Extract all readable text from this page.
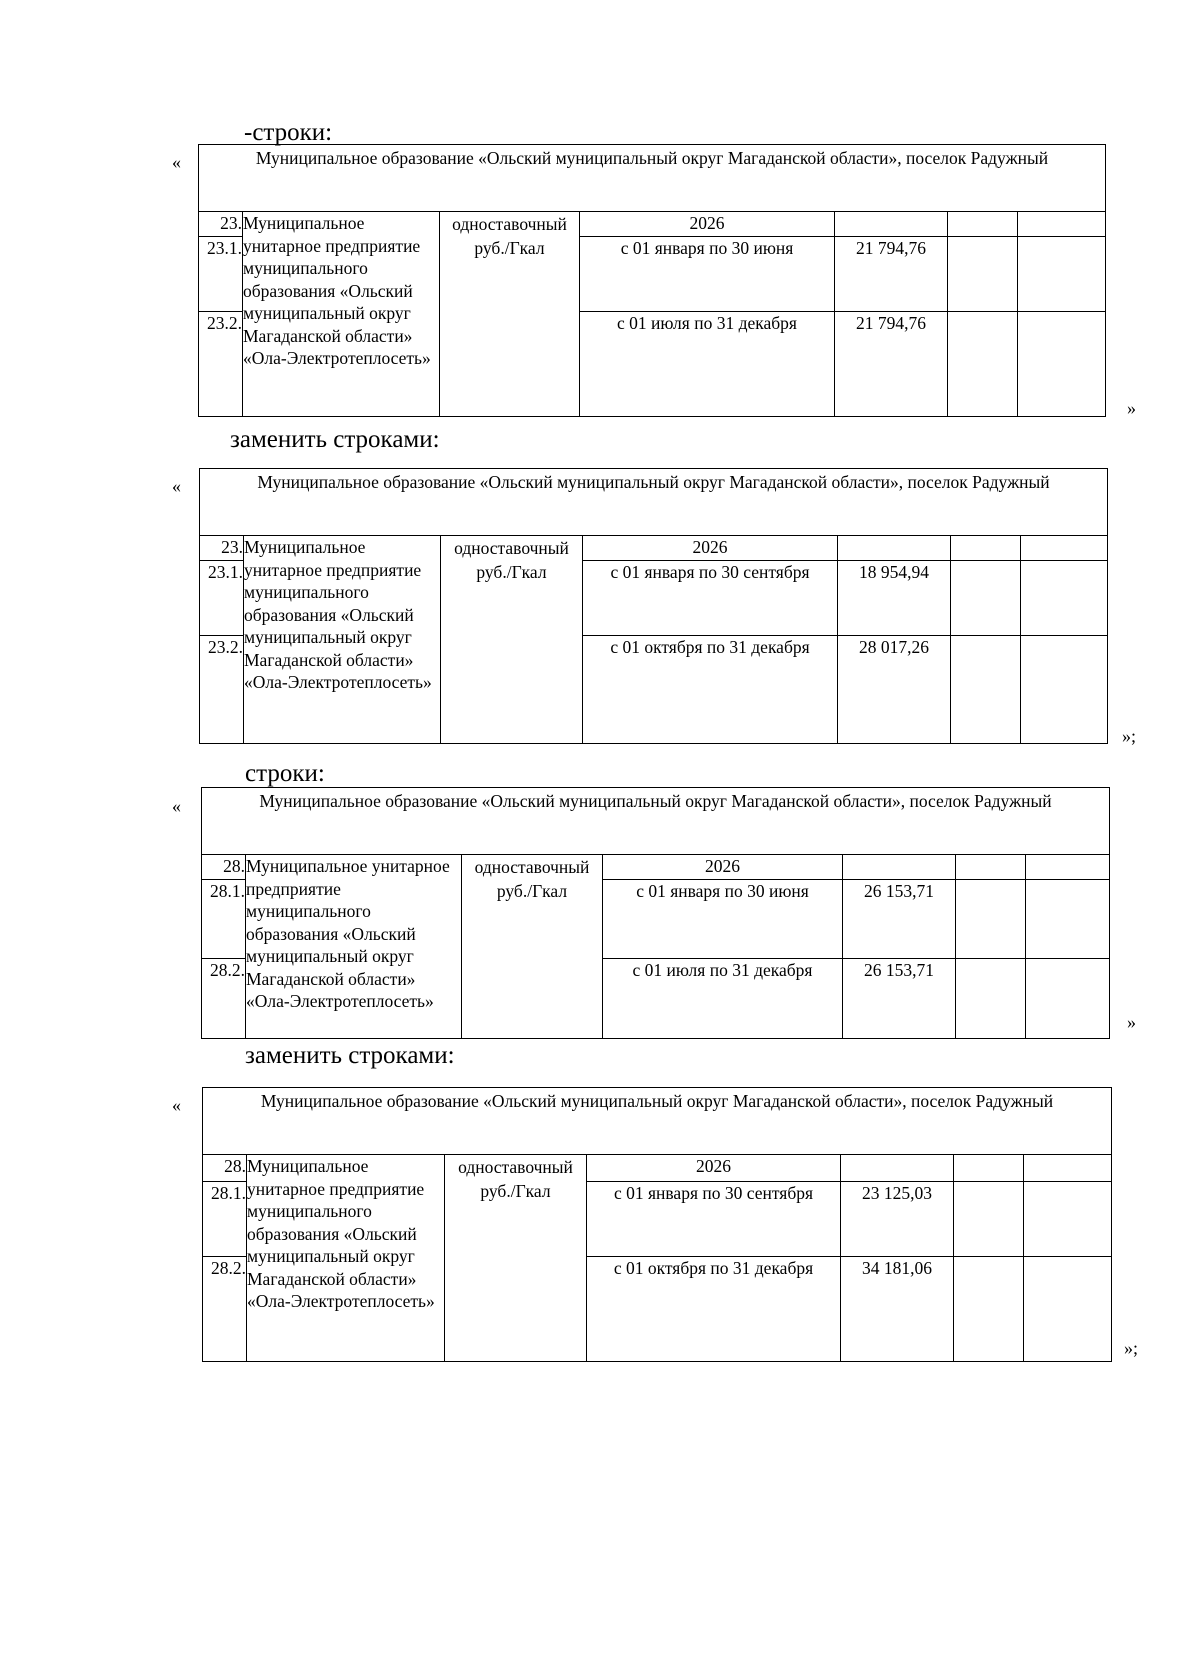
-строки:
«	Муниципальное образование «Ольский муниципальный округ Магаданской области», поселок Радужный						
23.	Муниципальное унитарное предприятие муниципального образования «Ольский муниципальный округ Магаданской области» «Ола-Электротеплосеть»	одноставочный руб./Гкал	2026			
23.1.			с 01 января по 30 июня	21 794,76		
23.2.			с 01 июля по 31 декабря	21 794,76		
»
заменить строками:
«	Муниципальное образование «Ольский муниципальный округ Магаданской области», поселок Радужный						
23.	Муниципальное унитарное предприятие муниципального образования «Ольский муниципальный округ Магаданской области» «Ола-Электротеплосеть»	одноставочный руб./Гкал	2026			
23.1.			с 01 января по 30 сентября	18 954,94		
23.2.			с 01 октября по 31 декабря	28 017,26		
»;
строки:
«	Муниципальное образование «Ольский муниципальный округ Магаданской области», поселок Радужный						
28.	Муниципальное унитарное предприятие муниципального образования «Ольский муниципальный округ Магаданской области» «Ола-Электротеплосеть»	одноставочный руб./Гкал	2026			
28.1.			с 01 января по 30 июня	26 153,71		
28.2.			с 01 июля по 31 декабря	26 153,71		
»
заменить строками:
«	Муниципальное образование «Ольский муниципальный округ Магаданской области», поселок Радужный						
28.	Муниципальное унитарное предприятие муниципального образования «Ольский муниципальный округ Магаданской области» «Ола-Электротеплосеть»	одноставочный руб./Гкал	2026			
28.1.			с 01 января по 30 сентября	23 125,03		
28.2.			с 01 октября по 31 декабря	34 181,06		
»;
